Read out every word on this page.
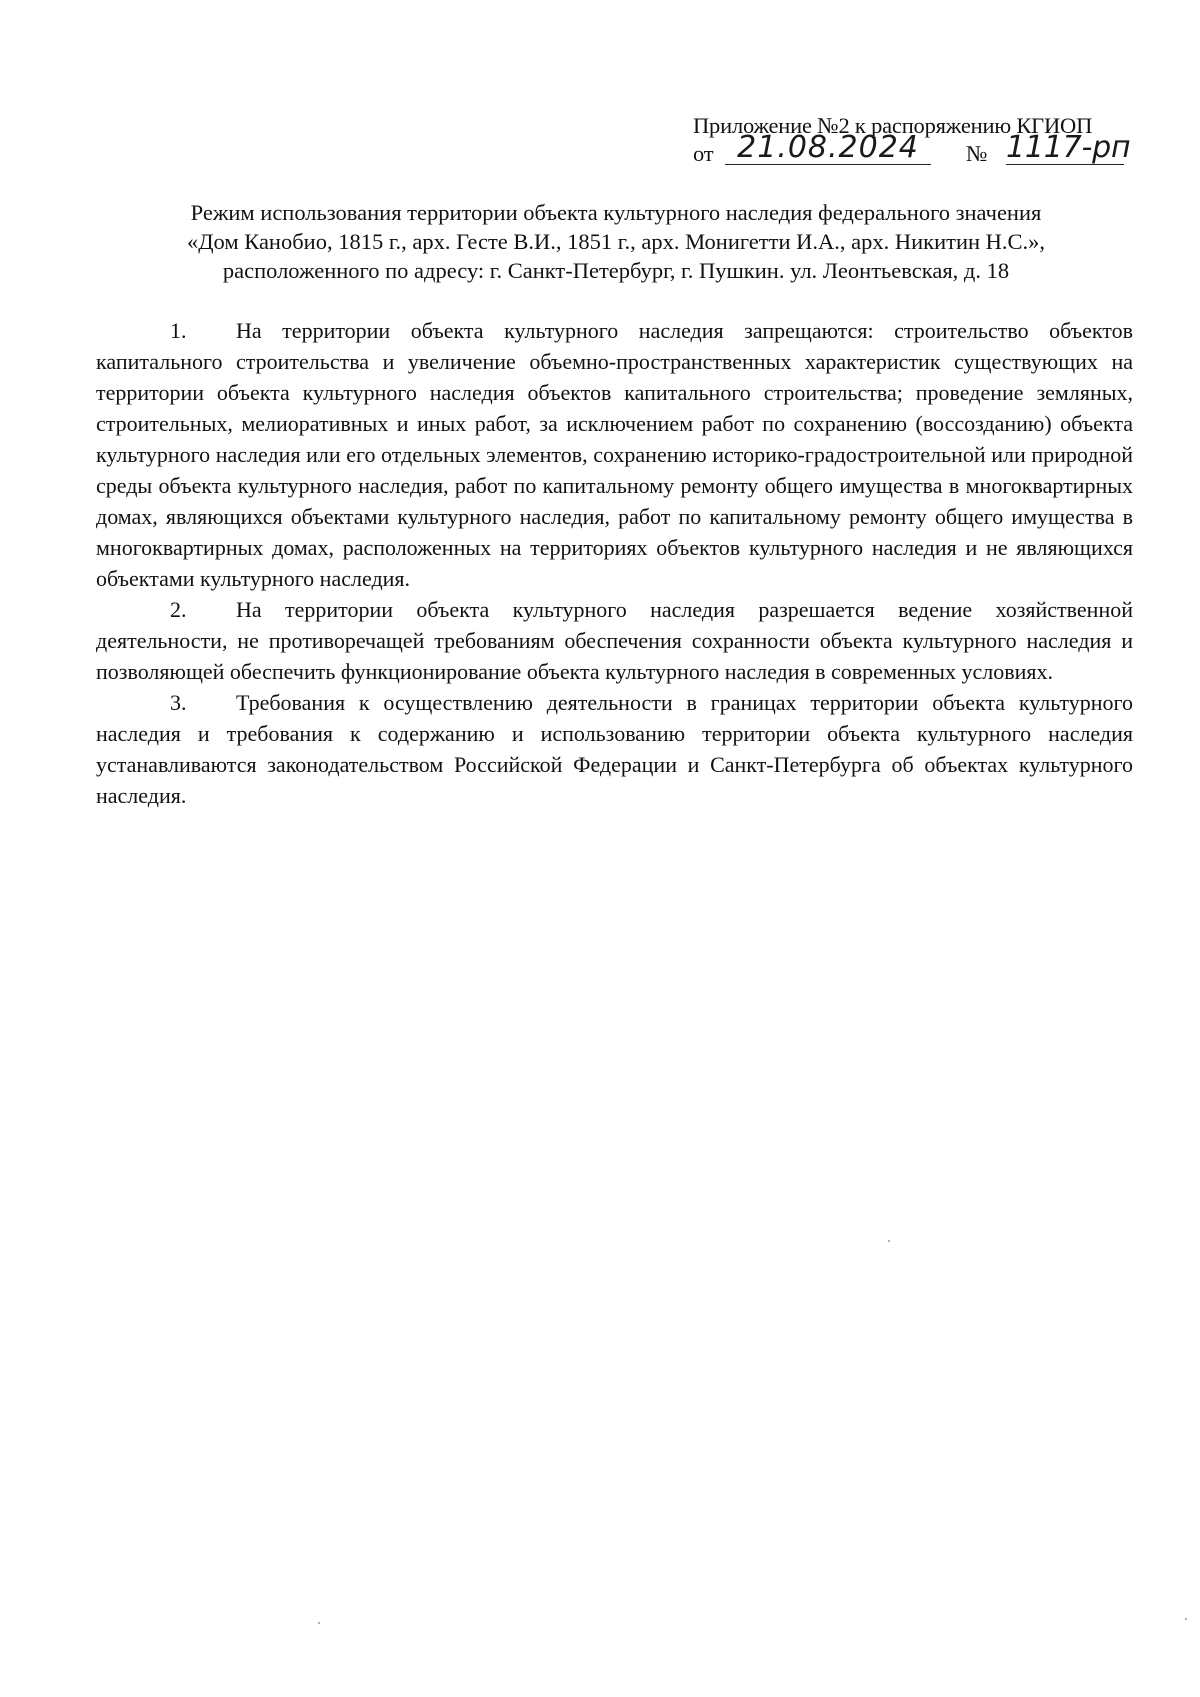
Приложение №2 к распоряжению КГИОП
от 21.08.2024	№ 1117-рп
Режим использования территории объекта культурного наследия федерального значения
«Дом Канобио, 1815 г., арх. Гесте В.И., 1851 г., арх. Монигетти И.А., арх. Никитин Н.С.»,
расположенного по адресу: г. Санкт-Петербург, г. Пушкин. ул. Леонтьевская, д. 18

1. На территории объекта культурного наследия запрещаются: строительство объектов капитального строительства и увеличение объемно-пространственных характеристик существующих на территории объекта культурного наследия объектов капитального строительства; проведение земляных, строительных, мелиоративных и иных работ, за исключением работ по сохранению (воссозданию) объекта культурного наследия или его отдельных элементов, сохранению историко-градостроительной или природной среды объекта культурного наследия, работ по капитальному ремонту общего имущества в многоквартирных домах, являющихся объектами культурного наследия, работ по капитальному ремонту общего имущества в многоквартирных домах, расположенных на территориях объектов культурного наследия и не являющихся объектами культурного наследия.

2. На территории объекта культурного наследия разрешается ведение хозяйственной деятельности, не противоречащей требованиям обеспечения сохранности объекта культурного наследия и позволяющей обеспечить функционирование объекта культурного наследия в современных условиях.

3. Требования к осуществлению деятельности в границах территории объекта культурного наследия и требования к содержанию и использованию территории объекта культурного наследия устанавливаются законодательством Российской Федерации и Санкт-Петербурга об объектах культурного наследия.
